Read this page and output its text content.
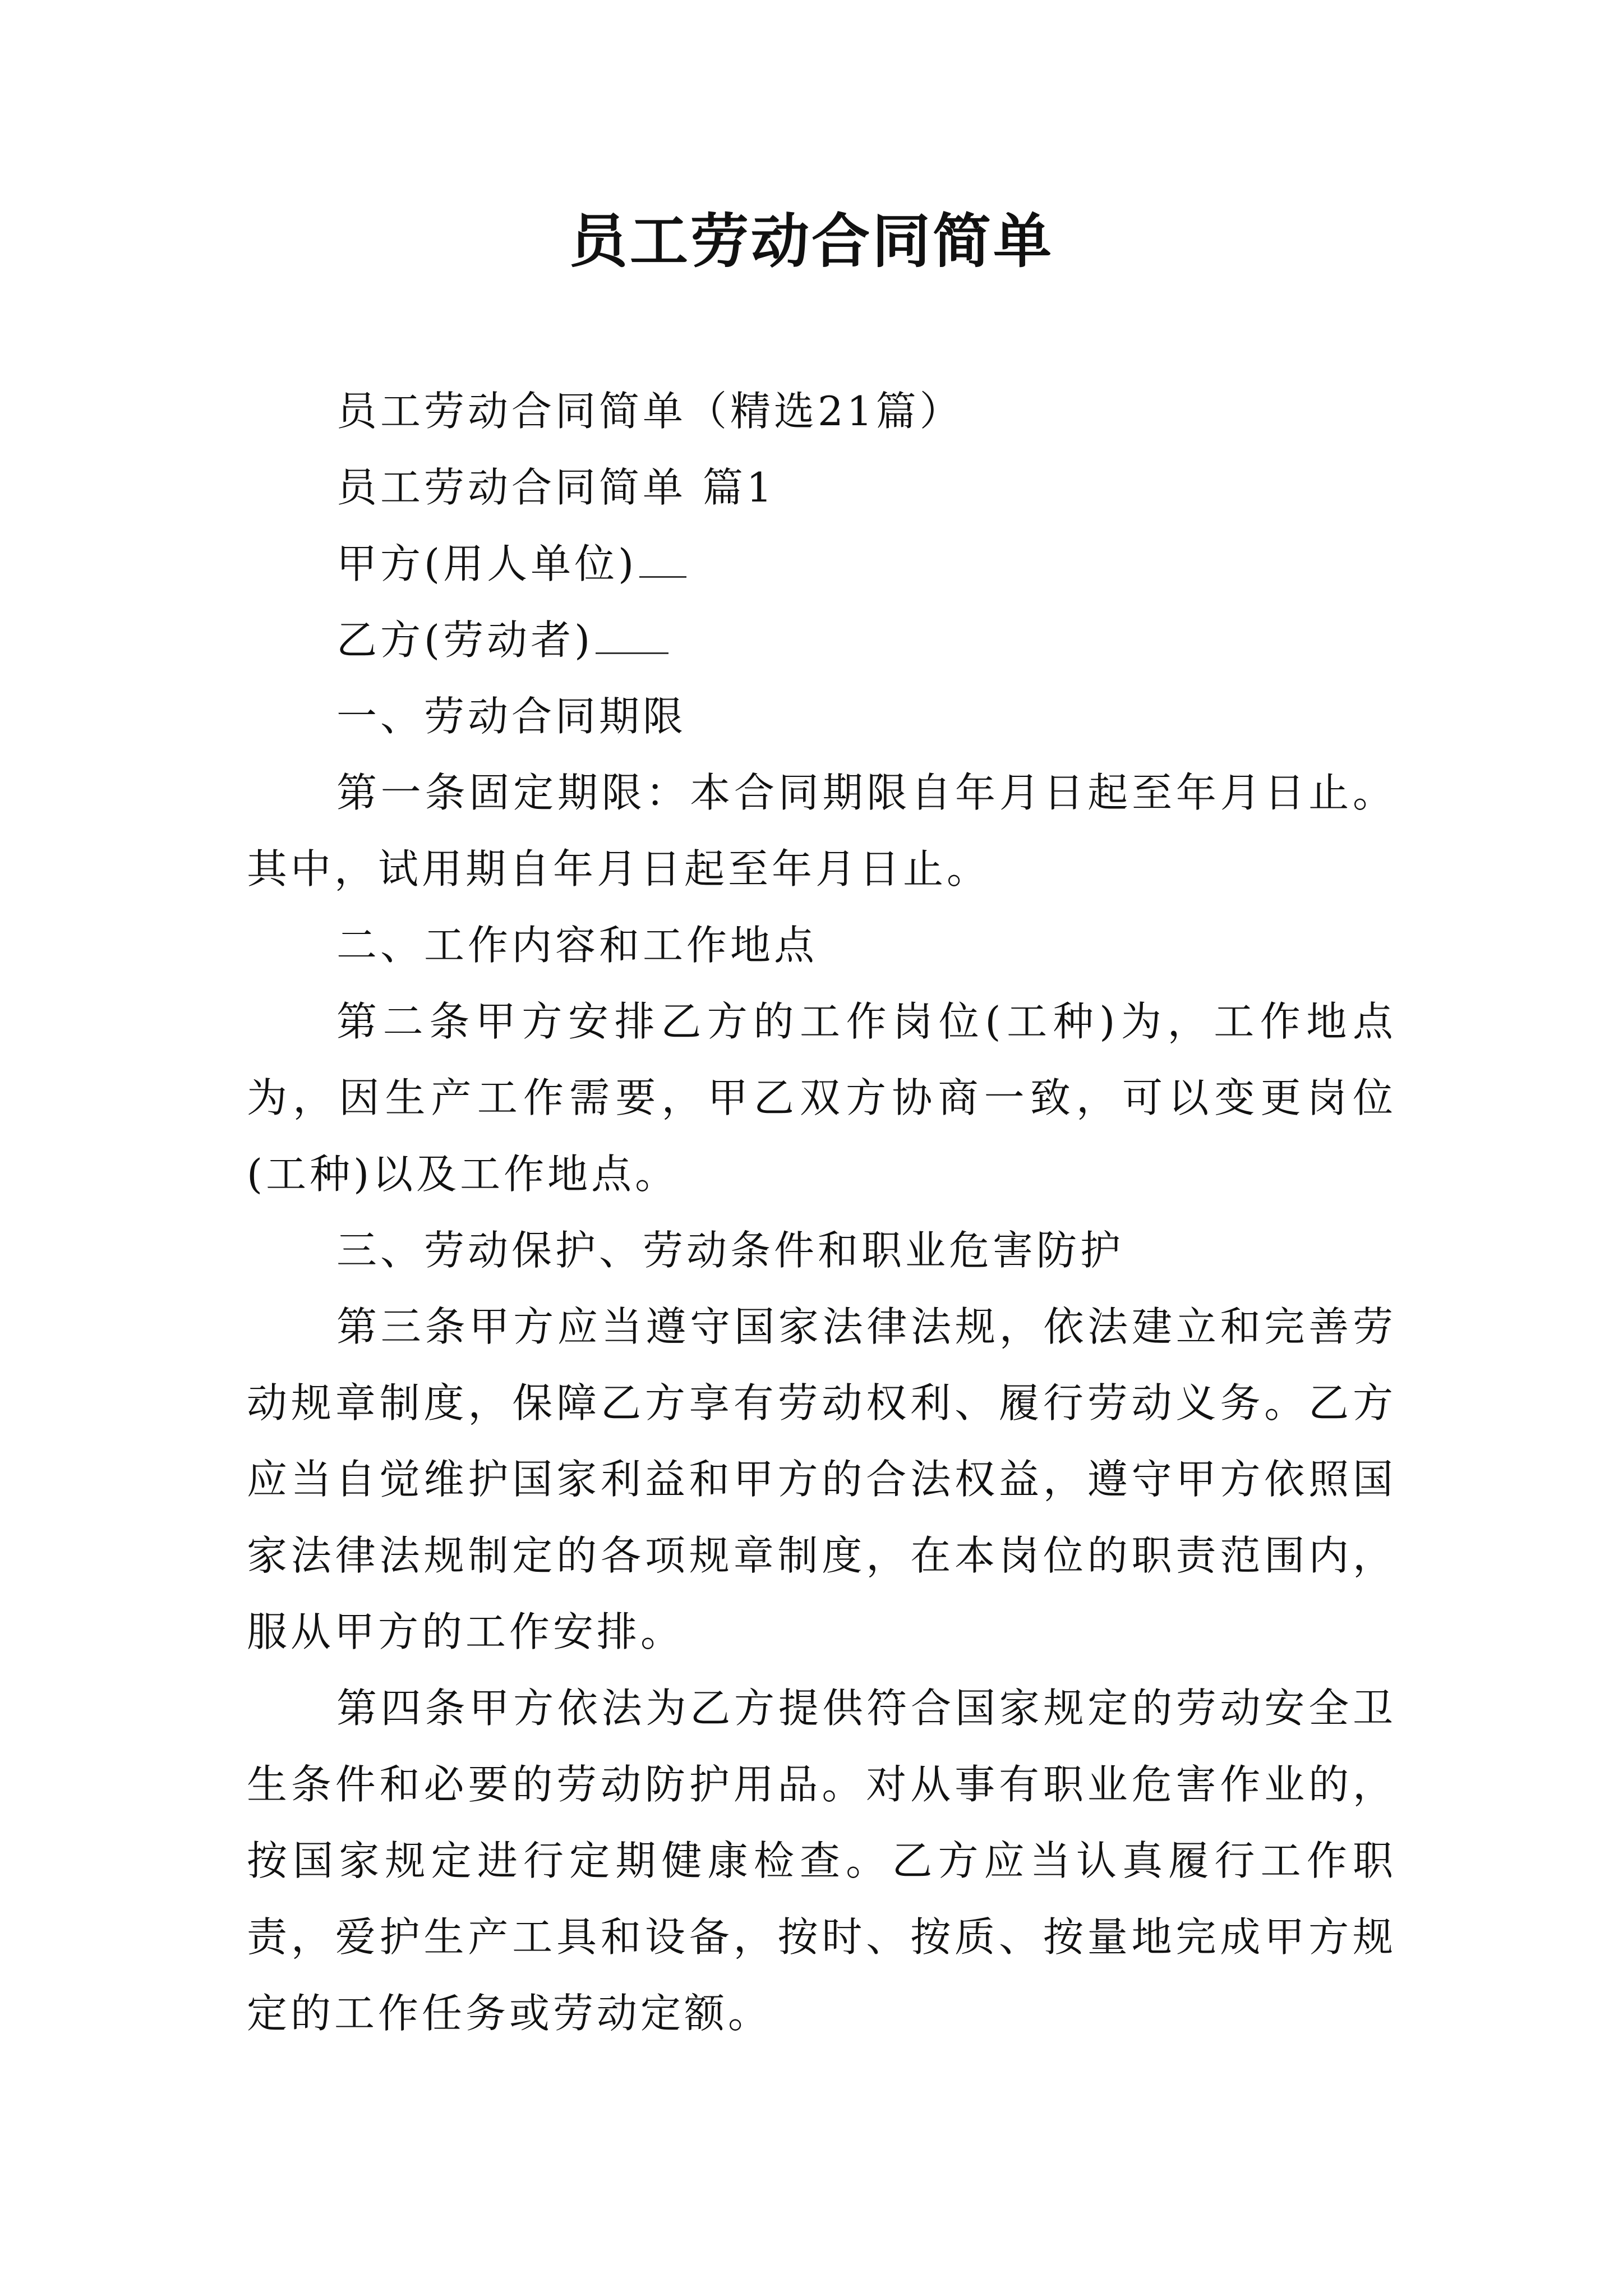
员工劳动合同简单

员工劳动合同简单（精选21篇）

员工劳动合同简单 篇1

甲方(用人单位)

乙方(劳动者)

一、劳动合同期限

第一条固定期限：本合同期限自年月日起至年月日止。其中，试用期自年月日起至年月日止。

二、工作内容和工作地点

第二条甲方安排乙方的工作岗位(工种)为，工作地点为，因生产工作需要，甲乙双方协商一致，可以变更岗位(工种)以及工作地点。

三、劳动保护、劳动条件和职业危害防护

第三条甲方应当遵守国家法律法规，依法建立和完善劳动规章制度，保障乙方享有劳动权利、履行劳动义务。乙方应当自觉维护国家利益和甲方的合法权益，遵守甲方依照国家法律法规制定的各项规章制度，在本岗位的职责范围内，服从甲方的工作安排。

第四条甲方依法为乙方提供符合国家规定的劳动安全卫生条件和必要的劳动防护用品。对从事有职业危害作业的，按国家规定进行定期健康检查。乙方应当认真履行工作职责，爱护生产工具和设备，按时、按质、按量地完成甲方规定的工作任务或劳动定额。
